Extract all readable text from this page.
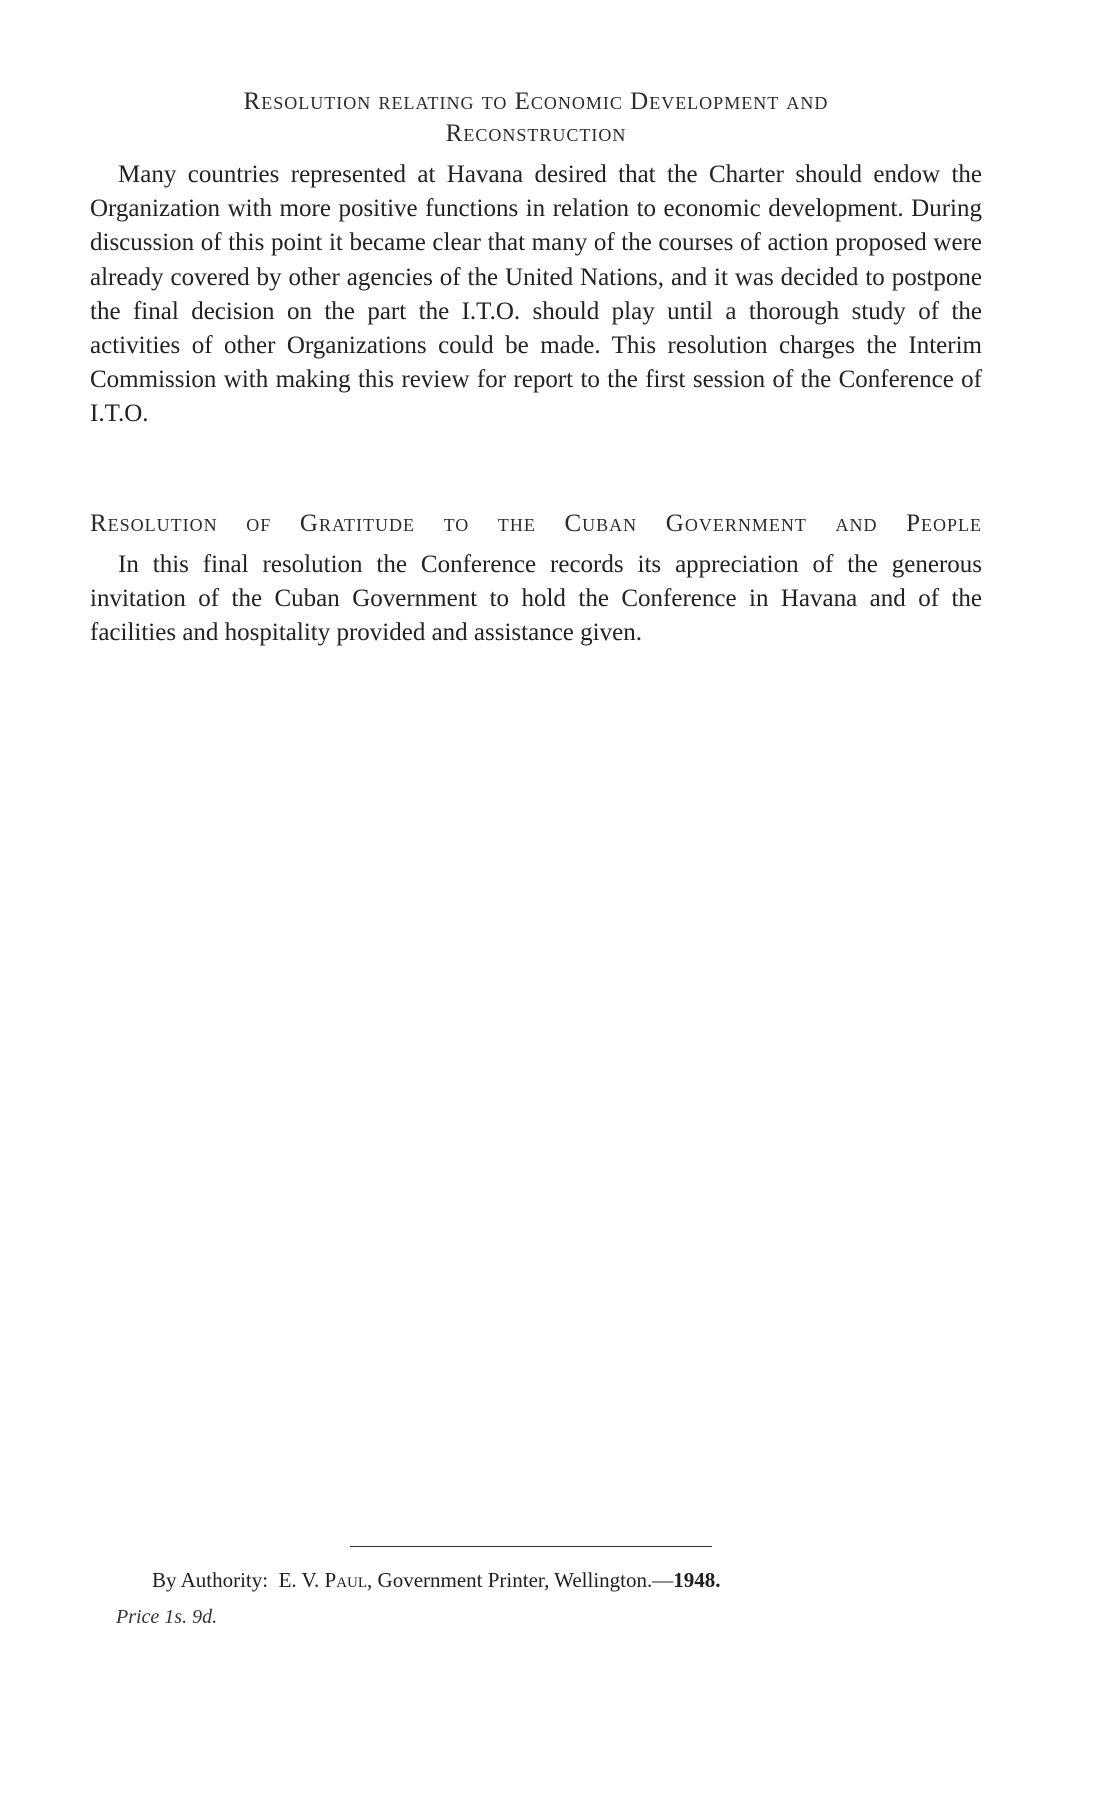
Resolution relating to Economic Development and
Reconstruction

Many countries represented at Havana desired that the Charter should endow the Organization with more positive functions in relation to economic development. During discussion of this point it became clear that many of the courses of action proposed were already covered by other agencies of the United Nations, and it was decided to postpone the final decision on the part the I.T.O. should play until a thorough study of the activities of other Organizations could be made. This resolution charges the Interim Commission with making this review for report to the first session of the Conference of I.T.O.

Resolution of Gratitude to the Cuban Government and People

In this final resolution the Conference records its appreciation of the generous invitation of the Cuban Government to hold the Conference in Havana and of the facilities and hospitality provided and assistance given.

By Authority: E. V. Paul, Government Printer, Wellington.—1948.
Price 1s. 9d.
